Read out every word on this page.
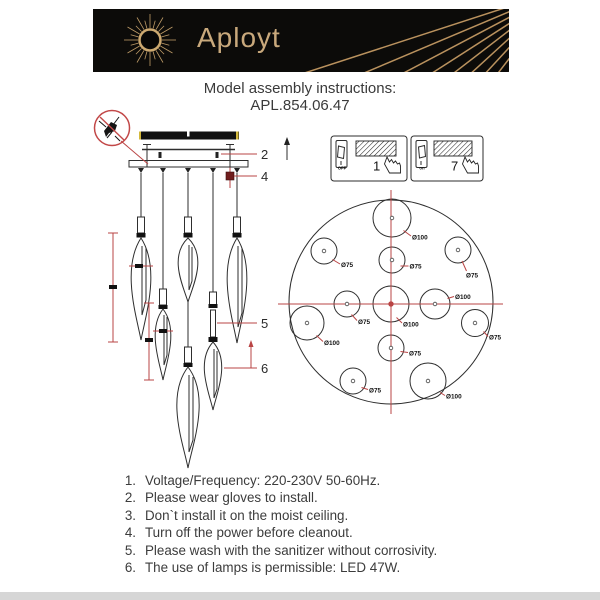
Aployt
Model assembly instructions:
APL.854.06.47
2
4
5
6
OFF 1	on 7
Ø100
Ø75	Ø75
Ø75
Ø75	Ø100
Ø100
Ø100
Ø75
Ø75
Ø75
Ø100
1. Voltage/Frequency: 220-230V 50-60Hz.
2. Please wear gloves to install.
3. Don`t install it on the moist ceiling.
4. Turn off the power before cleanout.
5. Please wash with the sanitizer without corrosivity.
6. The use of lamps is permissible: LED 47W.
